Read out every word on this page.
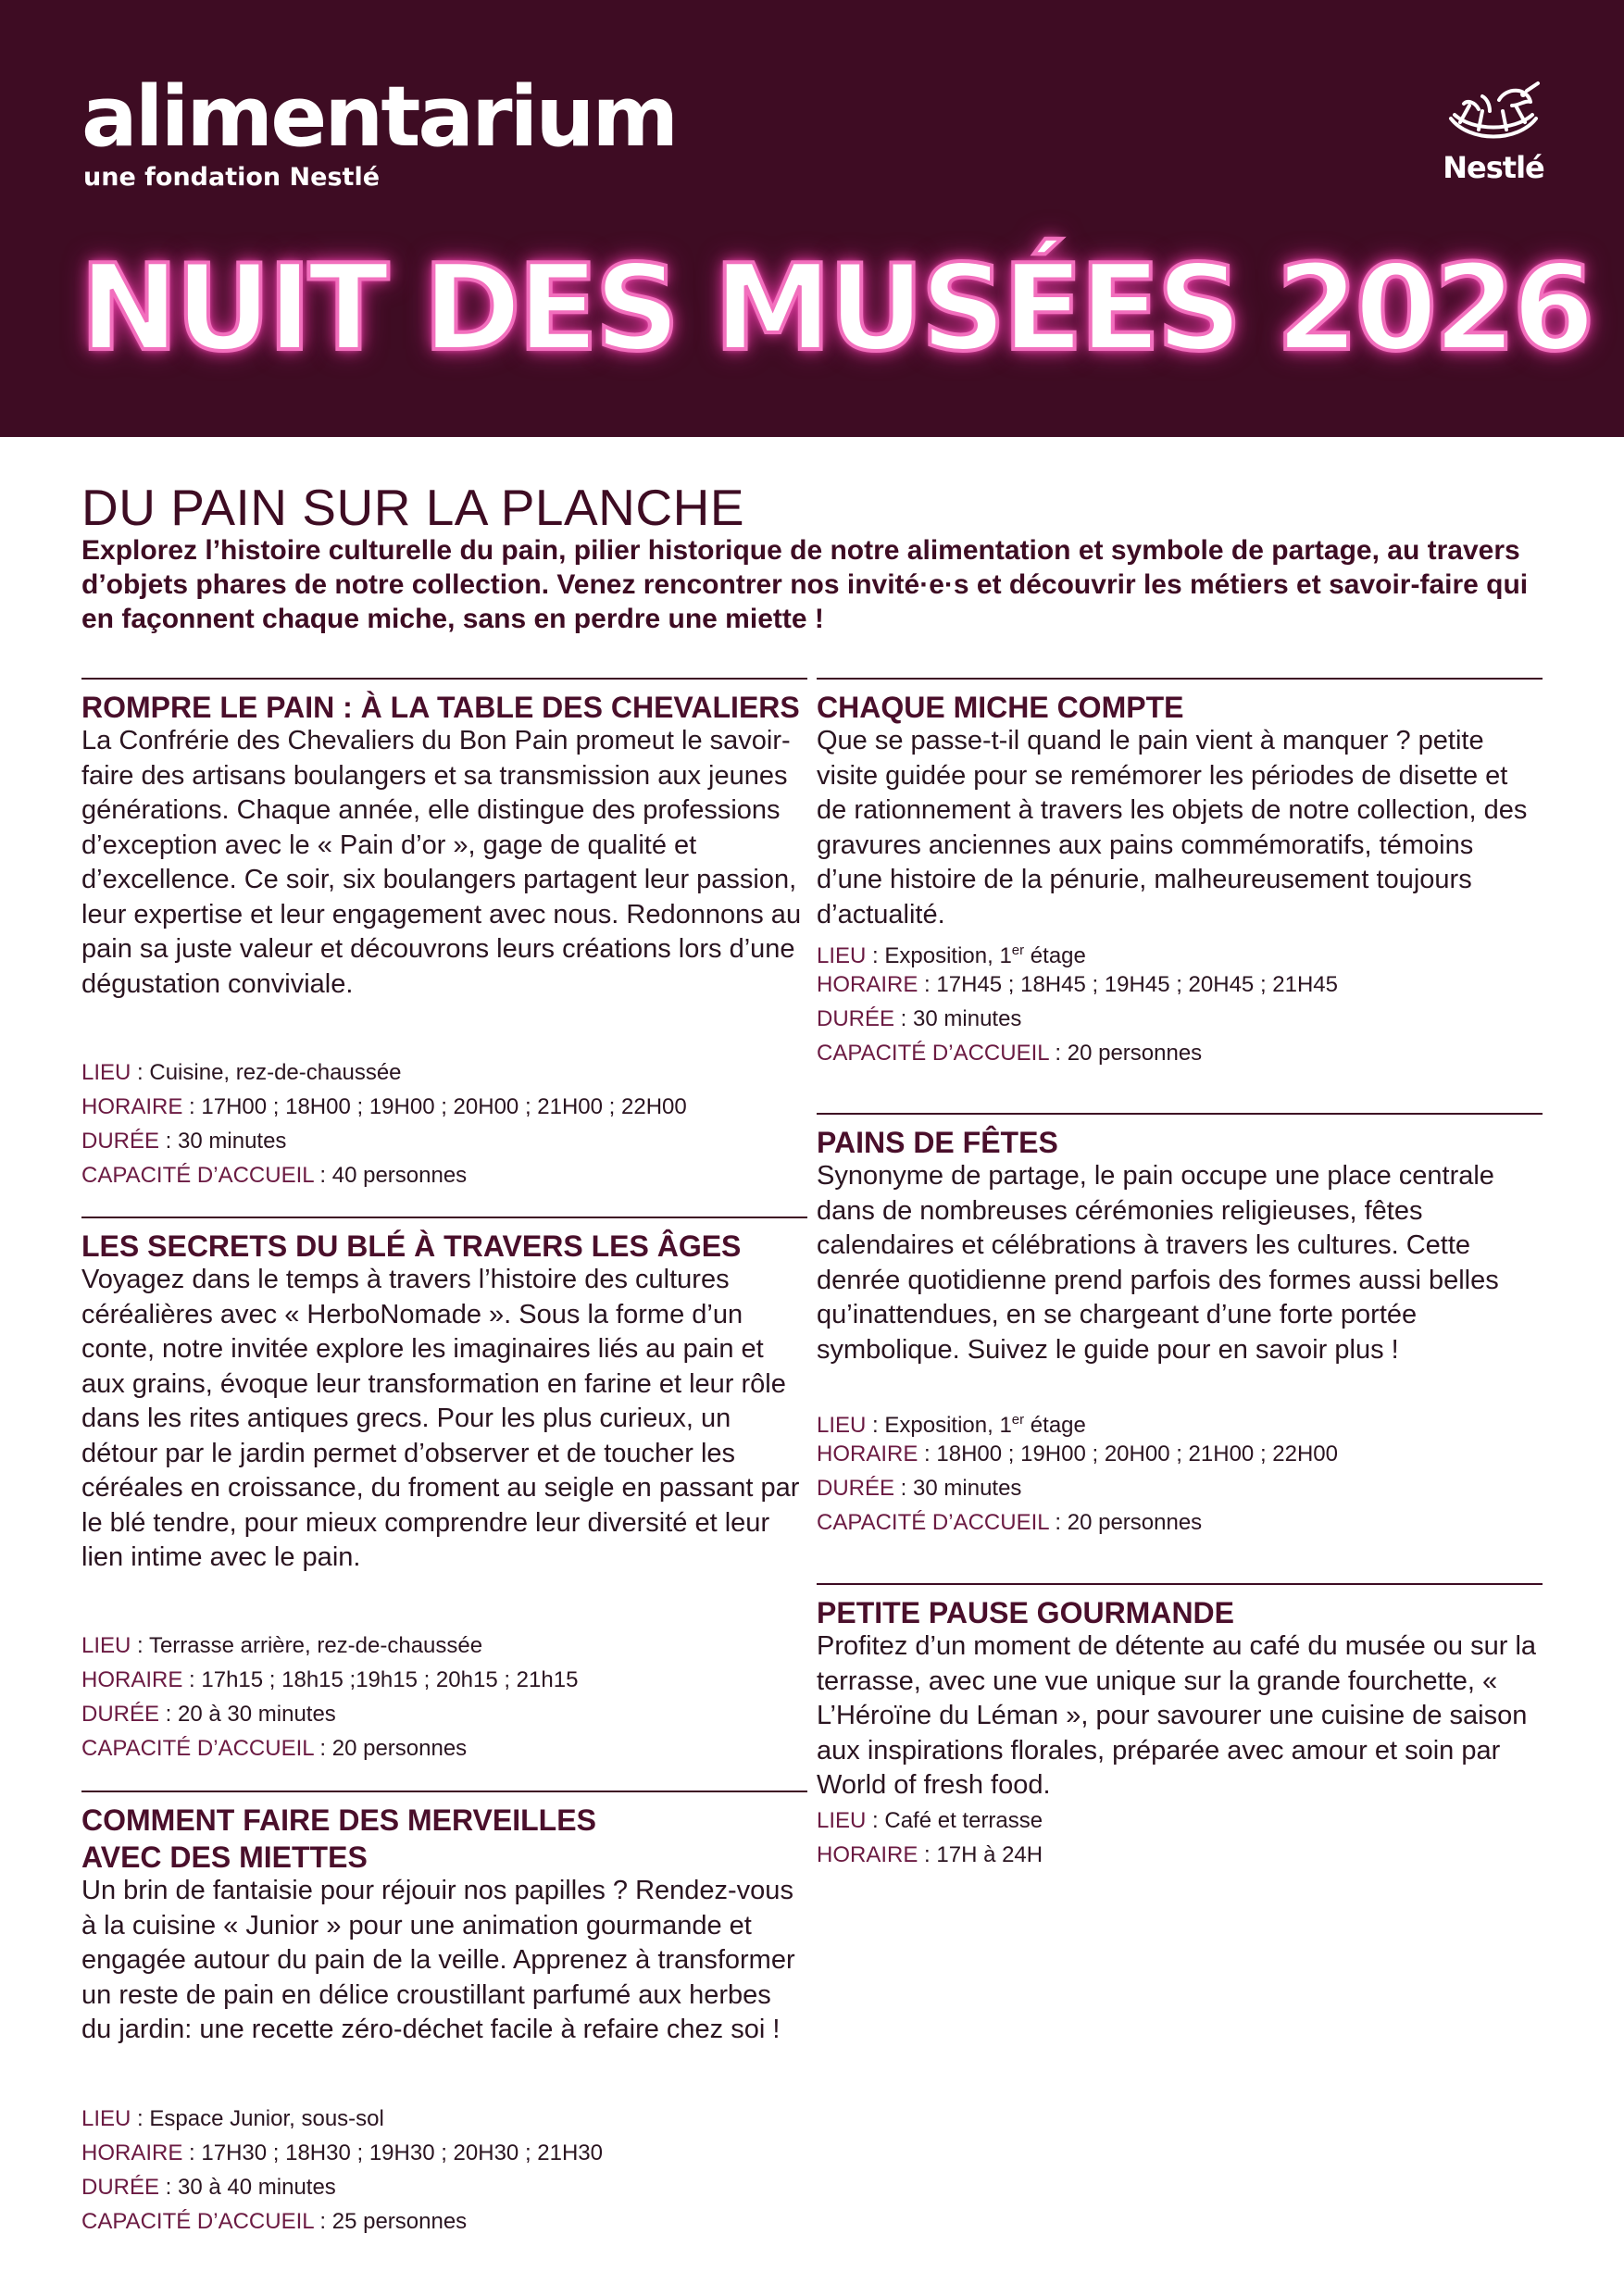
alimentarium
une fondation Nestlé	Nestlé
NUIT DES MUSÉES 2026
DU PAIN SUR LA PLANCHE

Explorez l’histoire culturelle du pain, pilier historique de notre alimentation et symbole de partage, au travers d’objets phares de notre collection. Venez rencontrer nos invité·e·s et découvrir les métiers et savoir-faire qui en façonnent chaque miche, sans en perdre une miette !

ROMPRE LE PAIN : À LA TABLE DES CHEVALIERS

La Confrérie des Chevaliers du Bon Pain promeut le savoir-faire des artisans boulangers et sa transmission aux jeunes générations. Chaque année, elle distingue des professions d’exception avec le « Pain d’or », gage de qualité et d’excellence. Ce soir, six boulangers partagent leur passion, leur expertise et leur engagement avec nous. Redonnons au pain sa juste valeur et découvrons leurs créations lors d’une dégustation conviviale.

LIEU : Cuisine, rez-de-chaussée
HORAIRE : 17H00 ; 18H00 ; 19H00 ; 20H00 ; 21H00 ; 22H00
DURÉE : 30 minutes
CAPACITÉ D’ACCUEIL : 40 personnes
LES SECRETS DU BLÉ À TRAVERS LES ÂGES

Voyagez dans le temps à travers l’histoire des cultures céréalières avec « HerboNomade ». Sous la forme d’un conte, notre invitée explore les imaginaires liés au pain et aux grains, évoque leur transformation en farine et leur rôle dans les rites antiques grecs. Pour les plus curieux, un détour par le jardin permet d’observer et de toucher les céréales en croissance, du froment au seigle en passant par le blé tendre, pour mieux comprendre leur diversité et leur lien intime avec le pain.

LIEU : Terrasse arrière, rez-de-chaussée
HORAIRE : 17h15 ; 18h15 ;19h15 ; 20h15 ; 21h15
DURÉE : 20 à 30 minutes
CAPACITÉ D’ACCUEIL : 20 personnes
COMMENT FAIRE DES MERVEILLES
AVEC DES MIETTES

Un brin de fantaisie pour réjouir nos papilles ? Rendez-vous à la cuisine « Junior » pour une animation gourmande et engagée autour du pain de la veille. Apprenez à transformer un reste de pain en délice croustillant parfumé aux herbes du jardin: une recette zéro-déchet facile à refaire chez soi !

LIEU : Espace Junior, sous-sol
HORAIRE : 17H30 ; 18H30 ; 19H30 ; 20H30 ; 21H30
DURÉE : 30 à 40 minutes
CAPACITÉ D’ACCUEIL : 25 personnes
CHAQUE MICHE COMPTE

Que se passe-t-il quand le pain vient à manquer ? petite visite guidée pour se remémorer les périodes de disette et de rationnement à travers les objets de notre collection, des gravures anciennes aux pains commémoratifs, témoins d’une histoire de la pénurie, malheureusement toujours d’actualité.

LIEU : Exposition, 1er étage
HORAIRE : 17H45 ; 18H45 ; 19H45 ; 20H45 ; 21H45
DURÉE : 30 minutes
CAPACITÉ D’ACCUEIL : 20 personnes
PAINS DE FÊTES

Synonyme de partage, le pain occupe une place centrale dans de nombreuses cérémonies religieuses, fêtes calendaires et célébrations à travers les cultures. Cette denrée quotidienne prend parfois des formes aussi belles qu’inattendues, en se chargeant d’une forte portée symbolique. Suivez le guide pour en savoir plus !

LIEU : Exposition, 1er étage
HORAIRE : 18H00 ; 19H00 ; 20H00 ; 21H00 ; 22H00
DURÉE : 30 minutes
CAPACITÉ D’ACCUEIL : 20 personnes
PETITE PAUSE GOURMANDE

Profitez d’un moment de détente au café du musée ou sur la terrasse, avec une vue unique sur la grande fourchette, « L’Héroïne du Léman », pour savourer une cuisine de saison aux inspirations florales, préparée avec amour et soin par World of fresh food.

LIEU : Café et terrasse
HORAIRE : 17H à 24H
